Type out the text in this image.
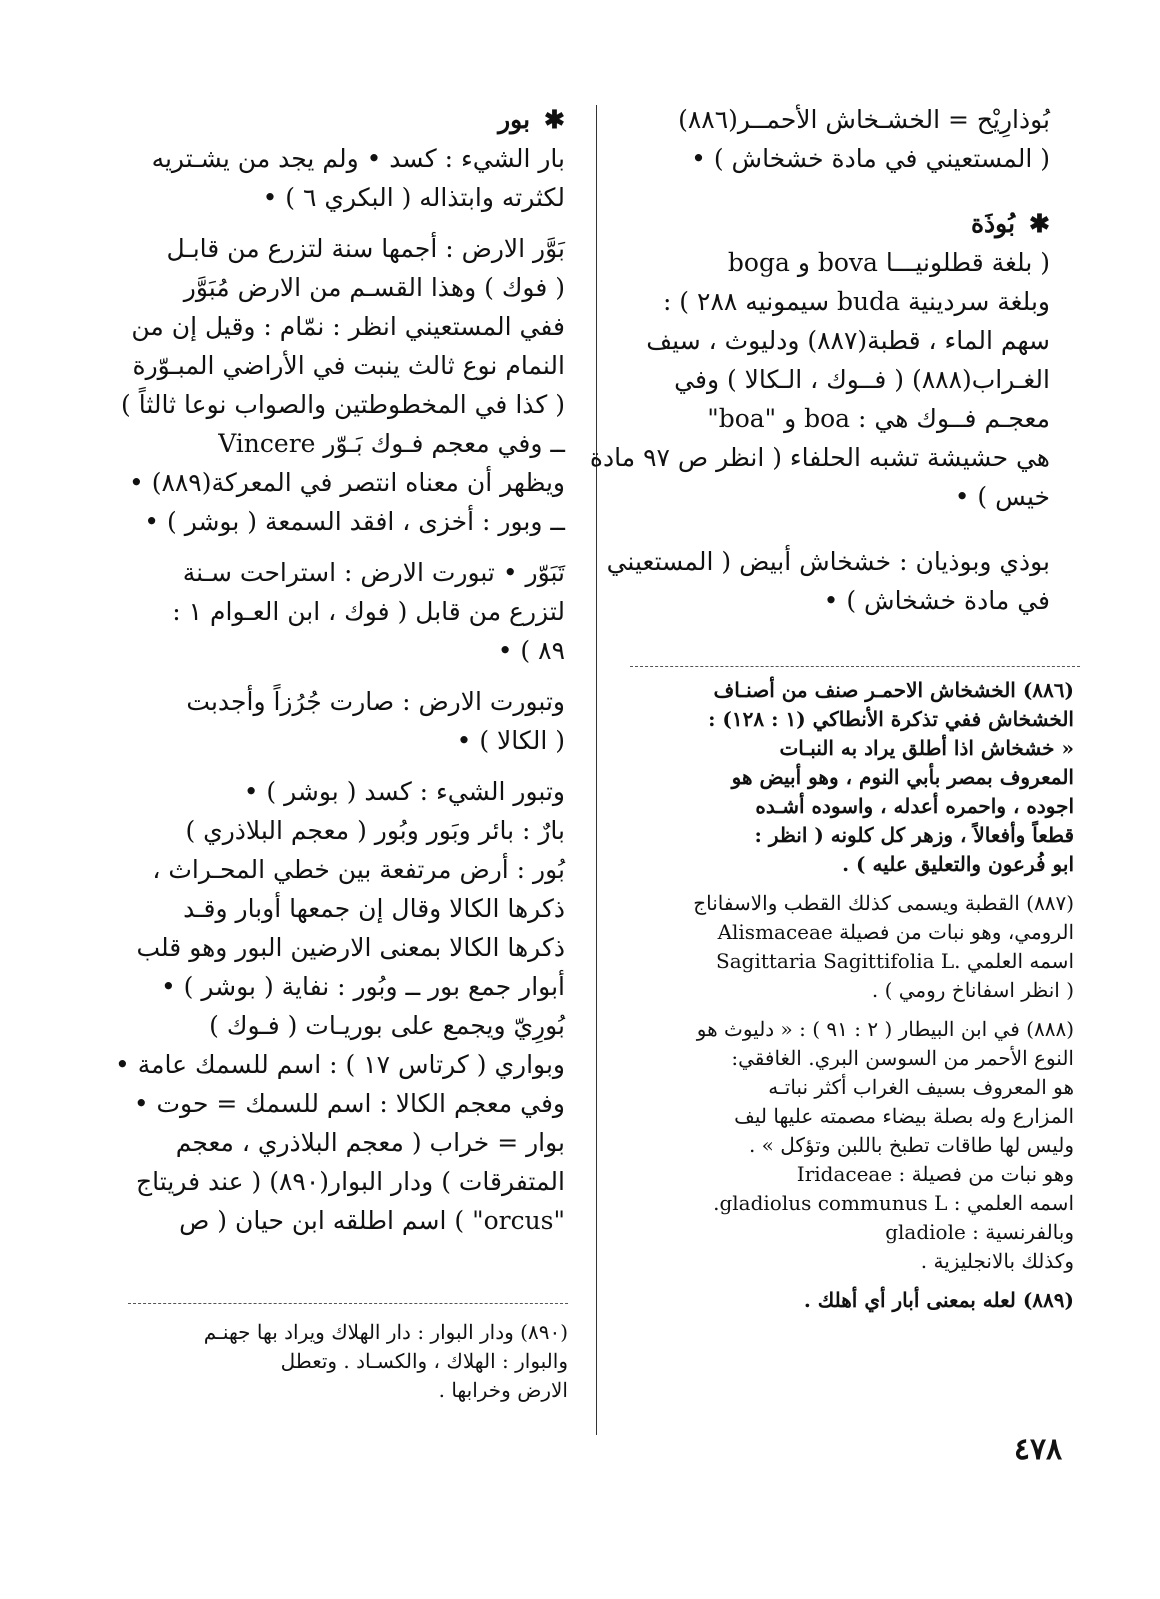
بُوذارِيْح = الخشـخاش الأحمــر(٨٨٦)
( المستعيني في مادة خشخاش ) •
✱بُوذَة
( بلغة قطلونيـــا bova و boga
وبلغة سردينية buda سيمونيه ٢٨٨ ) :
سهم الماء ، قطبة(٨٨٧) ودليوث ، سيف
الغـراب(٨٨٨) ( فــوك ، الـكالا ) وفي
معجـم فــوك هي : boa و "boa"
هي حشيشة تشبه الحلفاء ( انظر ص ٩٧ مادة
خيس ) •
بوذي وبوذيان : خشخاش أبيض ( المستعيني
في مادة خشخاش ) •
(٨٨٦) الخشخاش الاحمـر صنف من أصنـاف
الخشخاش ففي تذكرة الأنطاكي (١ : ١٢٨) :
« خشخاش اذا أطلق يراد به النبـات
المعروف بمصر بأبي النوم ، وهو أبيض هو
اجوده ، واحمره أعدله ، واسوده أشـده
قطعاً وأفعالاً ، وزهر كل كلونه ( انظر :
ابو فُرعون والتعليق عليه ) .
(٨٨٧) القطبة ويسمى كذلك القطب والاسفاناج
الرومي، وهو نبات من فصيلة Alismaceae
اسمه العلمي .Sagittaria Sagittifolia L
( انظر اسفاناخ رومي ) .
(٨٨٨) في ابن البيطار ( ٢ : ٩١ ) : « دليوث هو
النوع الأحمر من السوسن البري. الغافقي:
هو المعروف بسيف الغراب أكثر نباتـه
المزارع وله بصلة بيضاء مصمته عليها ليف
وليس لها طاقات تطبخ باللبن وتؤكل » .
وهو نبات من فصيلة : Iridaceae
اسمه العلمي : gladiolus communus L.
وبالفرنسية : gladiole
وكذلك بالانجليزية .
(٨٨٩) لعله بمعنى أبار أي أهلك .
✱بور
بار الشيء : كسد • ولم يجد من يشـتريه
لكثرته وابتذاله ( البكري ٦ ) •
بَوَّر الارض : أجمها سنة لتزرع من قابـل
( فوك ) وهذا القسـم من الارض مُبَوَّر
ففي المستعيني انظر : نمّام : وقيل إن من
النمام نوع ثالث ينبت في الأراضي المبـوّرة
( كذا في المخطوطتين والصواب نوعا ثالثاً )
ــ وفي معجم فـوك بَـوّر Vincere
ويظهر أن معناه انتصر في المعركة(٨٨٩) •
ــ وبور : أخزى ، افقد السمعة ( بوشر ) •
تَبَوّر • تبورت الارض : استراحت سـنة
لتزرع من قابل ( فوك ، ابن العـوام ١ :
٨٩ ) •
وتبورت الارض : صارت جُرُزاً وأجدبت
( الكالا ) •
وتبور الشيء : كسد ( بوشر ) •
بارٌ : بائر وبَور وبُور ( معجم البلاذري )
بُور : أرض مرتفعة بين خطي المحـراث ،
ذكرها الكالا وقال إن جمعها أوبار وقـد
ذكرها الكالا بمعنى الارضين البور وهو قلب
أبوار جمع بور ــ وبُور : نفاية ( بوشر ) •
بُورِيّ ويجمع على بوريـات ( فـوك )
وبواري ( كرتاس ١٧ ) : اسم للسمك عامة •
وفي معجم الكالا : اسم للسمك = حوت •
بوار = خراب ( معجم البلاذري ، معجم
المتفرقات ) ودار البوار(٨٩٠) ( عند فريتاج
"orcus" ) اسم اطلقه ابن حيان ( ص
(٨٩٠) ودار البوار : دار الهلاك ويراد بها جهنـم
والبوار : الهلاك ، والكسـاد . وتعطل
الارض وخرابها .
٤٧٨
